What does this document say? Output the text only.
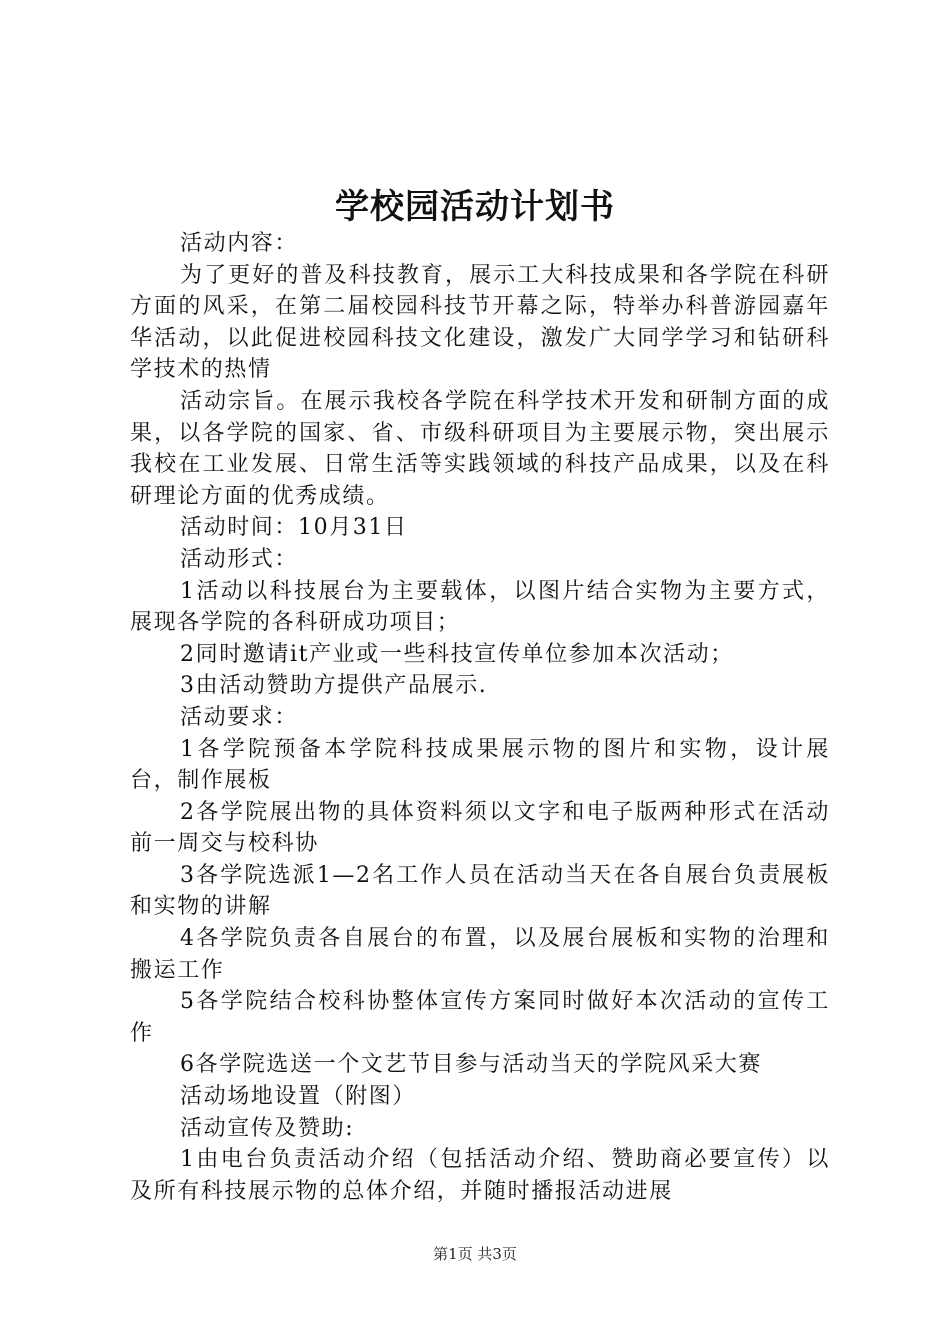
学校园活动计划书

活动内容：

为了更好的普及科技教育，展示工大科技成果和各学院在科研方面的风采，在第二届校园科技节开幕之际，特举办科普游园嘉年华活动，以此促进校园科技文化建设，激发广大同学学习和钻研科学技术的热情

活动宗旨。在展示我校各学院在科学技术开发和研制方面的成果，以各学院的国家、省、市级科研项目为主要展示物，突出展示我校在工业发展、日常生活等实践领域的科技产品成果，以及在科研理论方面的优秀成绩。

活动时间：10月31日

活动形式：

1活动以科技展台为主要载体，以图片结合实物为主要方式，展现各学院的各科研成功项目；

2同时邀请it产业或一些科技宣传单位参加本次活动；

3由活动赞助方提供产品展示.

活动要求：

1各学院预备本学院科技成果展示物的图片和实物，设计展台，制作展板

2各学院展出物的具体资料须以文字和电子版两种形式在活动前一周交与校科协

3各学院选派1—2名工作人员在活动当天在各自展台负责展板和实物的讲解

4各学院负责各自展台的布置，以及展台展板和实物的治理和搬运工作

5各学院结合校科协整体宣传方案同时做好本次活动的宣传工作

6各学院选送一个文艺节目参与活动当天的学院风采大赛

活动场地设置（附图）

活动宣传及赞助:

1由电台负责活动介绍（包括活动介绍、赞助商必要宣传）以及所有科技展示物的总体介绍，并随时播报活动进展

第1页 共3页
